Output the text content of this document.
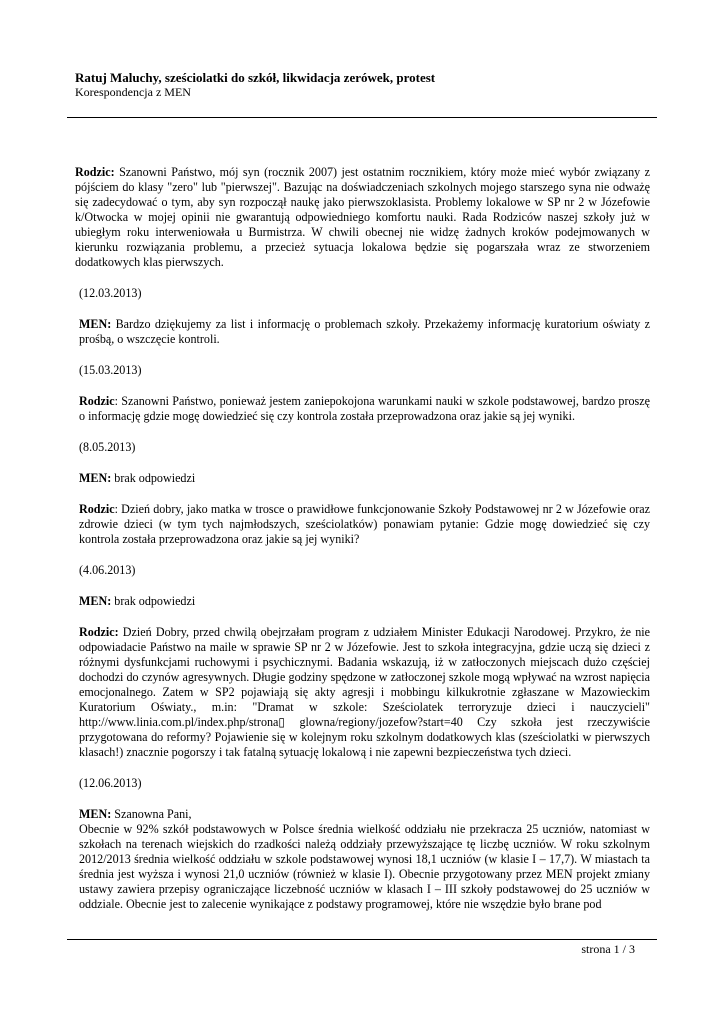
Ratuj Maluchy, sześciolatki do szkół, likwidacja zerówek, protest
Korespondencja z MEN

Rodzic: Szanowni Państwo, mój syn (rocznik 2007) jest ostatnim rocznikiem, który może mieć wybór związany z pójściem do klasy "zero" lub "pierwszej". Bazując na doświadczeniach szkolnych mojego starszego syna nie odważę się zadecydować o tym, aby syn rozpoczął naukę jako pierwszoklasista. Problemy lokalowe w SP nr 2 w Józefowie k/Otwocka w mojej opinii nie gwarantują odpowiedniego komfortu nauki. Rada Rodziców naszej szkoły już w ubiegłym roku interweniowała u Burmistrza. W chwili obecnej nie widzę żadnych kroków podejmowanych w kierunku rozwiązania problemu, a przecież sytuacja lokalowa będzie się pogarszała wraz ze stworzeniem dodatkowych klas pierwszych.

(12.03.2013)

MEN: Bardzo dziękujemy za list i informację o problemach szkoły. Przekażemy informację kuratorium oświaty z prośbą, o wszczęcie kontroli.

(15.03.2013)

Rodzic: Szanowni Państwo, ponieważ jestem zaniepokojona warunkami nauki w szkole podstawowej, bardzo proszę o informację gdzie mogę dowiedzieć się czy kontrola została przeprowadzona oraz jakie są jej wyniki.

(8.05.2013)

MEN: brak odpowiedzi

Rodzic: Dzień dobry, jako matka w trosce o prawidłowe funkcjonowanie Szkoły Podstawowej nr 2 w Józefowie oraz zdrowie dzieci (w tym tych najmłodszych, sześciolatków) ponawiam pytanie: Gdzie mogę dowiedzieć się czy kontrola została przeprowadzona oraz jakie są jej wyniki?

(4.06.2013)

MEN: brak odpowiedzi

Rodzic: Dzień Dobry, przed chwilą obejrzałam program z udziałem Minister Edukacji Narodowej. Przykro, że nie odpowiadacie Państwo na maile w sprawie SP nr 2 w Józefowie. Jest to szkoła integracyjna, gdzie uczą się dzieci z różnymi dysfunkcjami ruchowymi i psychicznymi. Badania wskazują, iż w zatłoczonych miejscach dużo częściej dochodzi do czynów agresywnych. Długie godziny spędzone w zatłoczonej szkole mogą wpływać na wzrost napięcia emocjonalnego. Zatem w SP2 pojawiają się akty agresji i mobbingu kilkukrotnie zgłaszane w Mazowieckim Kuratorium Oświaty., m.in: "Dramat w szkole: Sześciolatek terroryzuje dzieci i nauczycieli" http://www.linia.com.pl/index.php/strona▯ glowna/regiony/jozefow?start=40 Czy szkoła jest rzeczywiście przygotowana do reformy? Pojawienie się w kolejnym roku szkolnym dodatkowych klas (sześciolatki w pierwszych klasach!) znacznie pogorszy i tak fatalną sytuację lokalową i nie zapewni bezpieczeństwa tych dzieci.

(12.06.2013)

MEN: Szanowna Pani,

Obecnie w 92% szkół podstawowych w Polsce średnia wielkość oddziału nie przekracza 25 uczniów, natomiast w szkołach na terenach wiejskich do rzadkości należą oddziały przewyższające tę liczbę uczniów. W roku szkolnym 2012/2013 średnia wielkość oddziału w szkole podstawowej wynosi 18,1 uczniów (w klasie I – 17,7). W miastach ta średnia jest wyższa i wynosi 21,0 uczniów (również w klasie I). Obecnie przygotowany przez MEN projekt zmiany ustawy zawiera przepisy ograniczające liczebność uczniów w klasach I – III szkoły podstawowej do 25 uczniów w oddziale. Obecnie jest to zalecenie wynikające z podstawy programowej, które nie wszędzie było brane pod

strona 1 / 3
